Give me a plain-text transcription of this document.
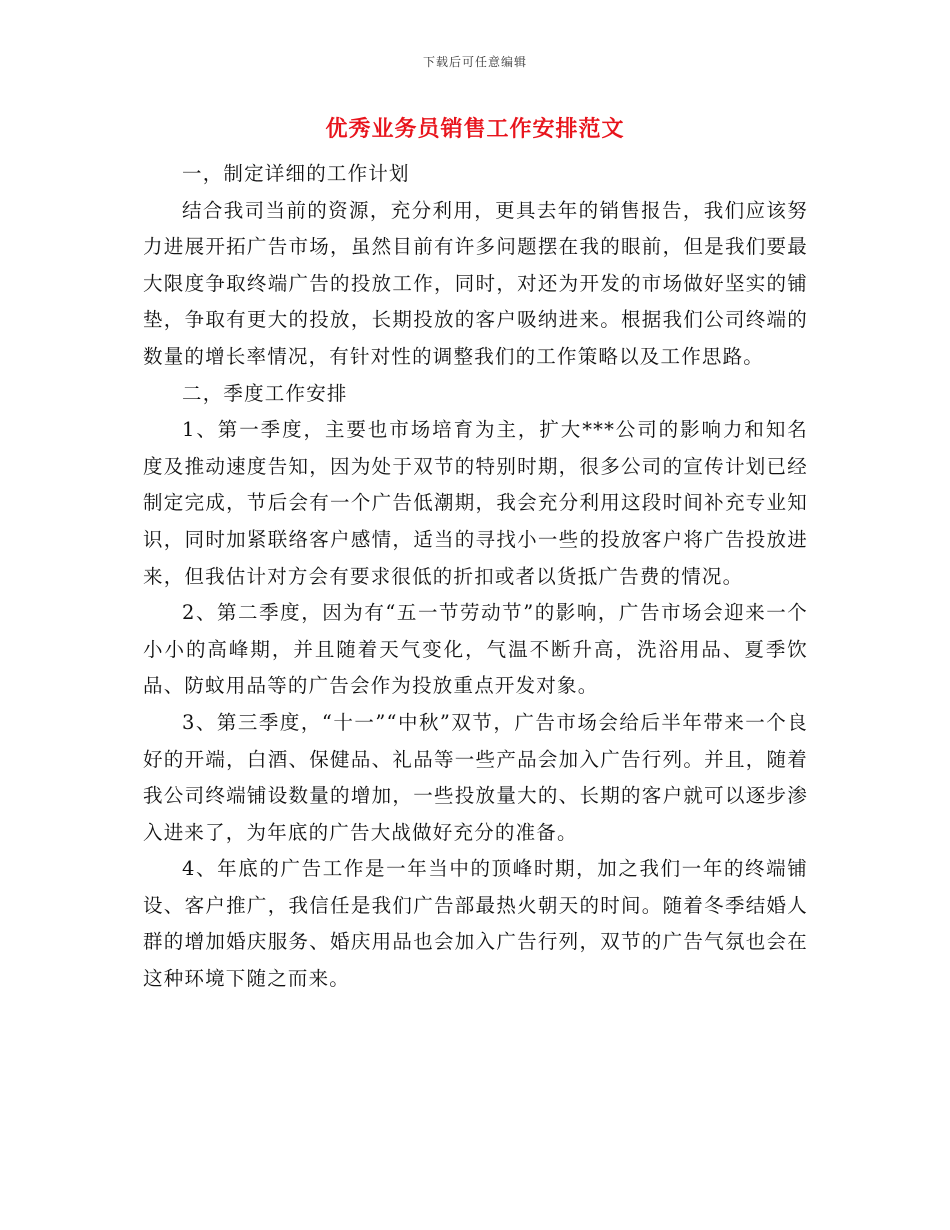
下载后可任意编辑
优秀业务员销售工作安排范文

一，制定详细的工作计划

结合我司当前的资源，充分利用，更具去年的销售报告，我们应该努力进展开拓广告市场，虽然目前有许多问题摆在我的眼前，但是我们要最大限度争取终端广告的投放工作，同时，对还为开发的市场做好坚实的铺垫，争取有更大的投放，长期投放的客户吸纳进来。根据我们公司终端的数量的增长率情况，有针对性的调整我们的工作策略以及工作思路。

二，季度工作安排

1、第一季度，主要也市场培育为主，扩大***公司的影响力和知名度及推动速度告知，因为处于双节的特别时期，很多公司的宣传计划已经制定完成，节后会有一个广告低潮期，我会充分利用这段时间补充专业知识，同时加紧联络客户感情，适当的寻找小一些的投放客户将广告投放进来，但我估计对方会有要求很低的折扣或者以货抵广告费的情况。

2、第二季度，因为有“五一节劳动节”的影响，广告市场会迎来一个小小的高峰期，并且随着天气变化，气温不断升高，洗浴用品、夏季饮品、防蚊用品等的广告会作为投放重点开发对象。

3、第三季度，“十一”“中秋”双节，广告市场会给后半年带来一个良好的开端，白酒、保健品、礼品等一些产品会加入广告行列。并且，随着我公司终端铺设数量的增加，一些投放量大的、长期的客户就可以逐步渗入进来了，为年底的广告大战做好充分的准备。

4、年底的广告工作是一年当中的顶峰时期，加之我们一年的终端铺设、客户推广，我信任是我们广告部最热火朝天的时间。随着冬季结婚人群的增加婚庆服务、婚庆用品也会加入广告行列，双节的广告气氛也会在这种环境下随之而来。
